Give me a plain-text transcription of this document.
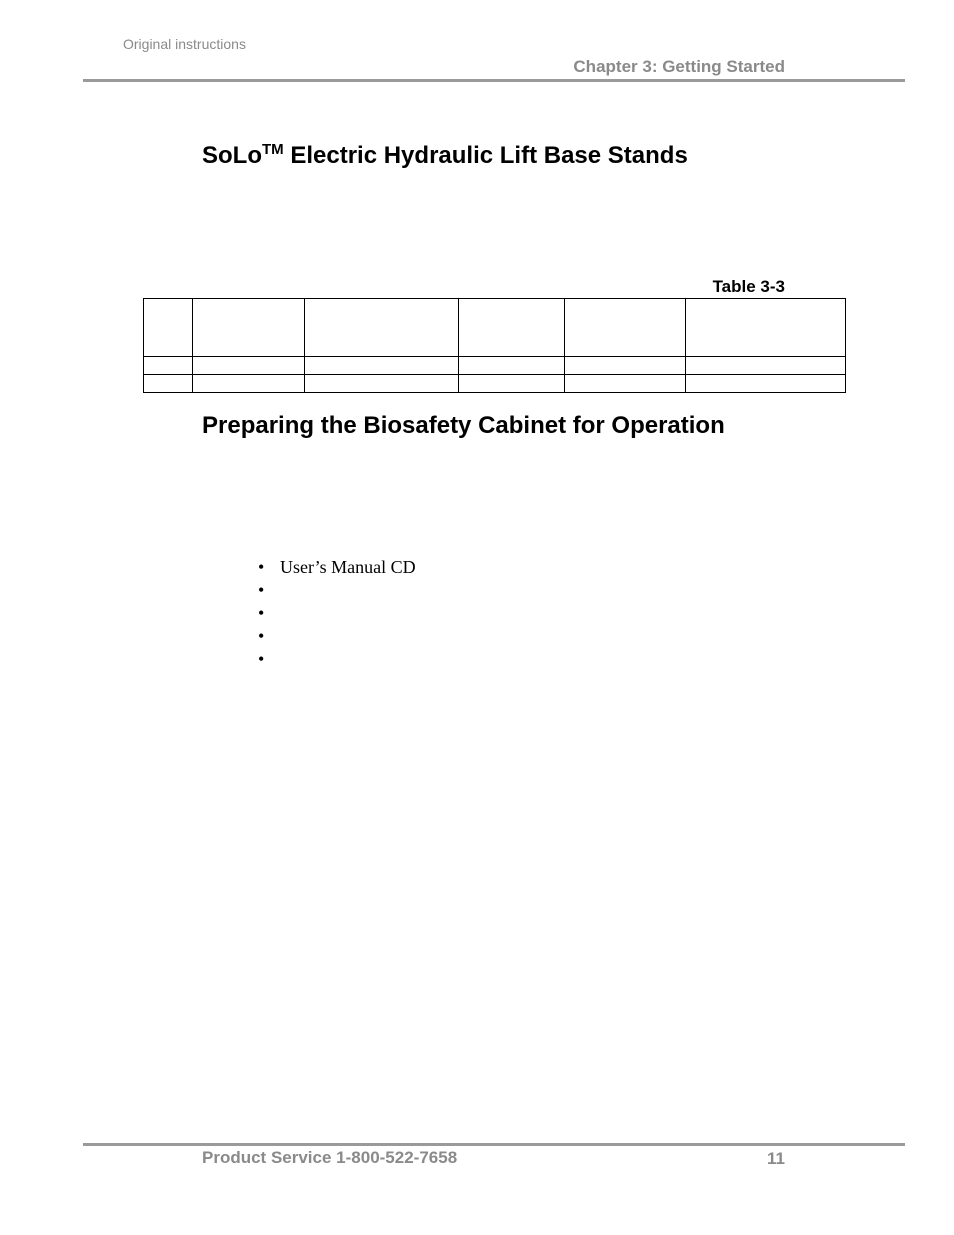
Original instructions
Chapter 3: Getting Started
SoLo™ Electric Hydraulic Lift Base Stands
Table 3-3

Preparing the Biosafety Cabinet for Operation
• User’s Manual CD
•
•
•
•
Product Service 1-800-522-7658	11
